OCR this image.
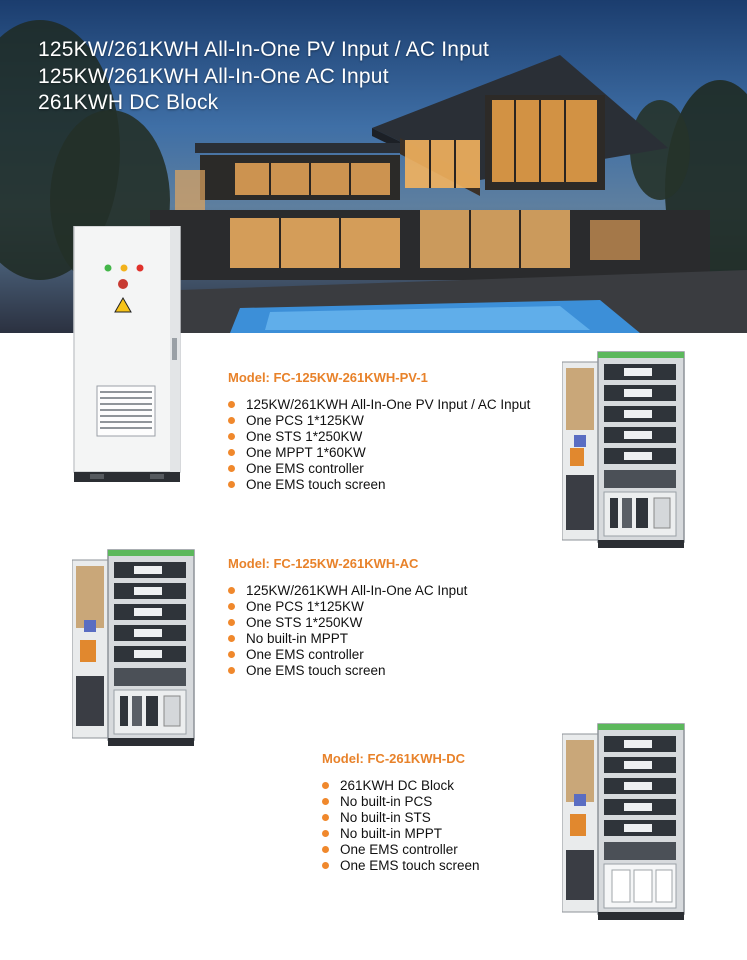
125KW/261KWH All-In-One PV Input / AC Input
125KW/261KWH All-In-One AC Input
261KWH DC Block
Model: FC-125KW-261KWH-PV-1
125KW/261KWH All-In-One PV Input / AC Input
One PCS 1*125KW
One STS 1*250KW
One MPPT 1*60KW
One EMS controller
One EMS touch screen
Model: FC-125KW-261KWH-AC
125KW/261KWH All-In-One AC Input
One PCS 1*125KW
One STS 1*250KW
No built-in MPPT
One EMS controller
One EMS touch screen
Model: FC-261KWH-DC
261KWH DC Block
No built-in PCS
No built-in STS
No built-in MPPT
One EMS controller
One EMS touch screen
